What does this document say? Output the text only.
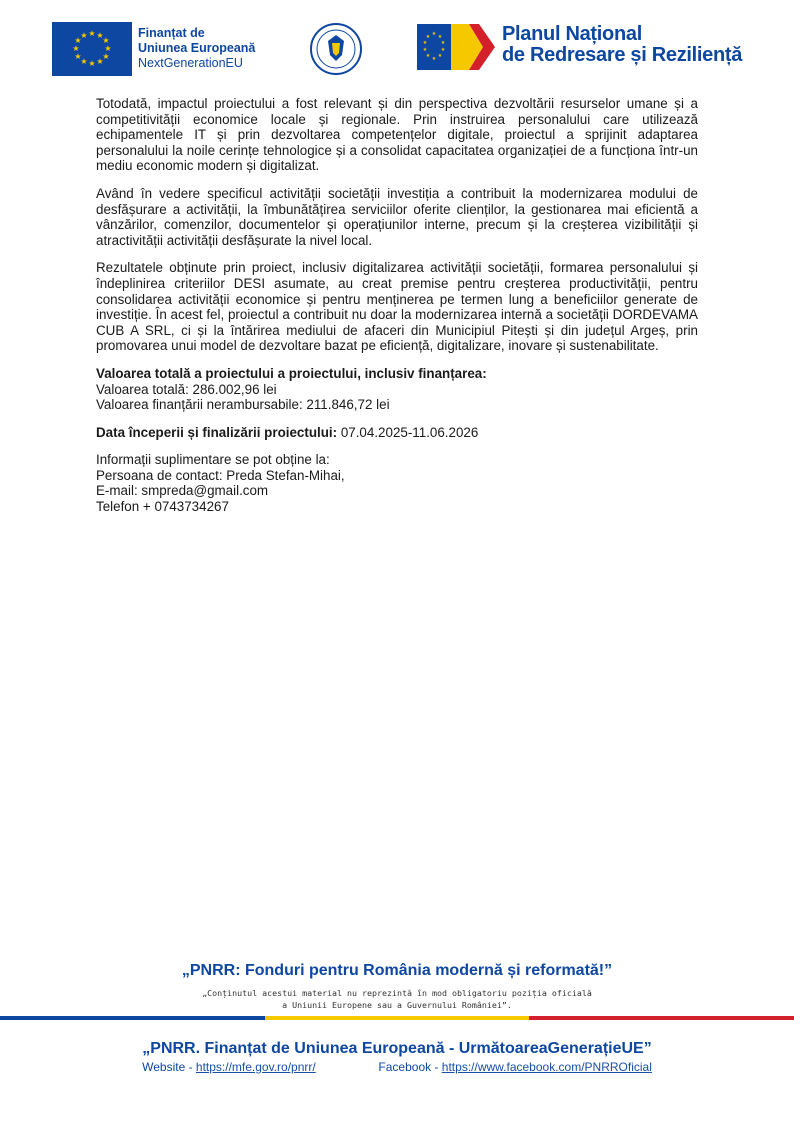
★ ★
★
★
★
★
★
★
★
★
★
★	Finanțat de
Uniunea Europeană
NextGenerationEU
★ ★
★
★
★
★
★
★
★
★	Planul Național
de Redresare și Reziliență

Totodată, impactul proiectului a fost relevant și din perspectiva dezvoltării resurselor umane și a competitivității economice locale și regionale. Prin instruirea personalului care utilizează echipamentele IT și prin dezvoltarea competențelor digitale, proiectul a sprijinit adaptarea personalului la noile cerințe tehnologice și a consolidat capacitatea organizației de a funcționa într-un mediu economic modern și digitalizat.

Având în vedere specificul activității societății investiția a contribuit la modernizarea modului de desfășurare a activității, la îmbunătățirea serviciilor oferite clienților, la gestionarea mai eficientă a vânzărilor, comenzilor, documentelor și operațiunilor interne, precum și la creșterea vizibilității și atractivității activității desfășurate la nivel local.

Rezultatele obținute prin proiect, inclusiv digitalizarea activității societății, formarea personalului și îndeplinirea criteriilor DESI asumate, au creat premise pentru creșterea productivității, pentru consolidarea activității economice și pentru menținerea pe termen lung a beneficiilor generate de investiție. În acest fel, proiectul a contribuit nu doar la modernizarea internă a societății DORDEVAMA CUB A SRL, ci și la întărirea mediului de afaceri din Municipiul Pitești și din județul Argeș, prin promovarea unui model de dezvoltare bazat pe eficiență, digitalizare, inovare și sustenabilitate.

Valoarea totală a proiectului a proiectului, inclusiv finanțarea:
Valoarea totală: 286.002,96 lei
Valoarea finanțării nerambursabile: 211.846,72 lei
Data începerii și finalizării proiectului: 07.04.2025-11.06.2026
Informații suplimentare se pot obține la:
Persoana de contact: Preda Stefan-Mihai,
E-mail: smpreda@gmail.com
Telefon + 0743734267
„PNRR: Fonduri pentru România modernă și reformată!”
„Conținutul acestui material nu reprezintă în mod obligatoriu poziția oficială
a Uniunii Europene sau a Guvernului României”.
„PNRR. Finanțat de Uniunea Europeană - UrmătoareaGenerațieUE”
Website - https://mfe.gov.ro/pnrr/	Facebook - https://www.facebook.com/PNRROficial
